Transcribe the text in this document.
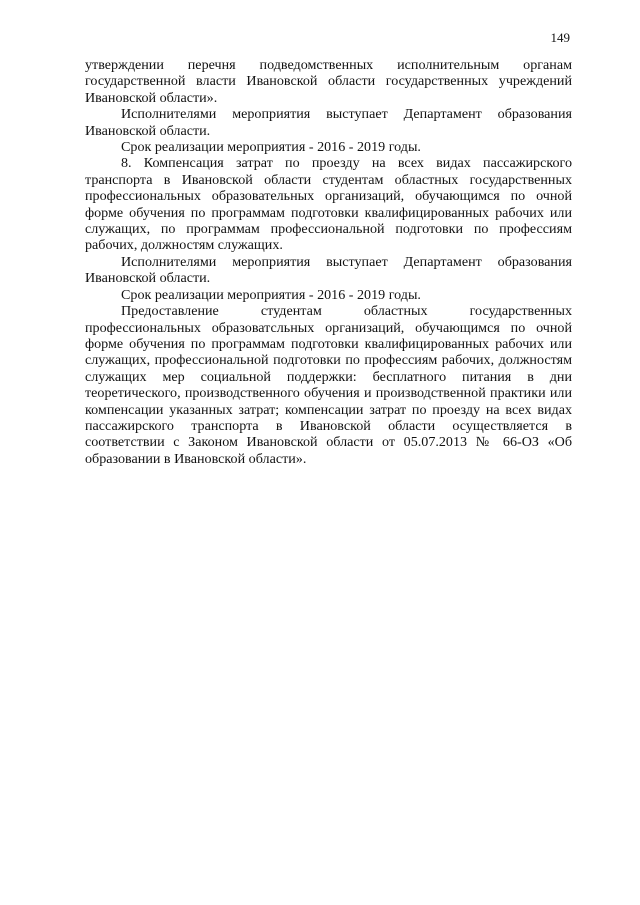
149

утверждении перечня подведомственных исполнительным органам государственной власти Ивановской области государственных учреждений Ивановской области».

Исполнителями мероприятия выступает Департамент образования Ивановской области.

Срок реализации мероприятия - 2016 - 2019 годы.

8. Компенсация затрат по проезду на всех видах пассажирского транспорта в Ивановской области студентам областных государственных профессиональных образовательных организаций, обучающимся по очной форме обучения по программам подготовки квалифицированных рабочих или служащих, по программам профессиональной подготовки по профессиям рабочих, должностям служащих.

Исполнителями мероприятия выступает Департамент образования Ивановской области.

Срок реализации мероприятия - 2016 - 2019 годы.

Предоставление студентам областных государственных профессиональных образоватсльных организаций, обучающимся по очной форме обучения по программам подготовки квалифицированных рабочих или служащих, профессиональной подготовки по профессиям рабочих, должностям служащих мер социальной поддержки: бесплатного питания в дни теоретического, производственного обучения и производственной практики или компенсации указанных затрат; компенсации затрат по проезду на всех видах пассажирского транспорта в Ивановской области осуществляется в соответствии с Законом Ивановской области от 05.07.2013 № 66-ОЗ «Об образовании в Ивановской области».
